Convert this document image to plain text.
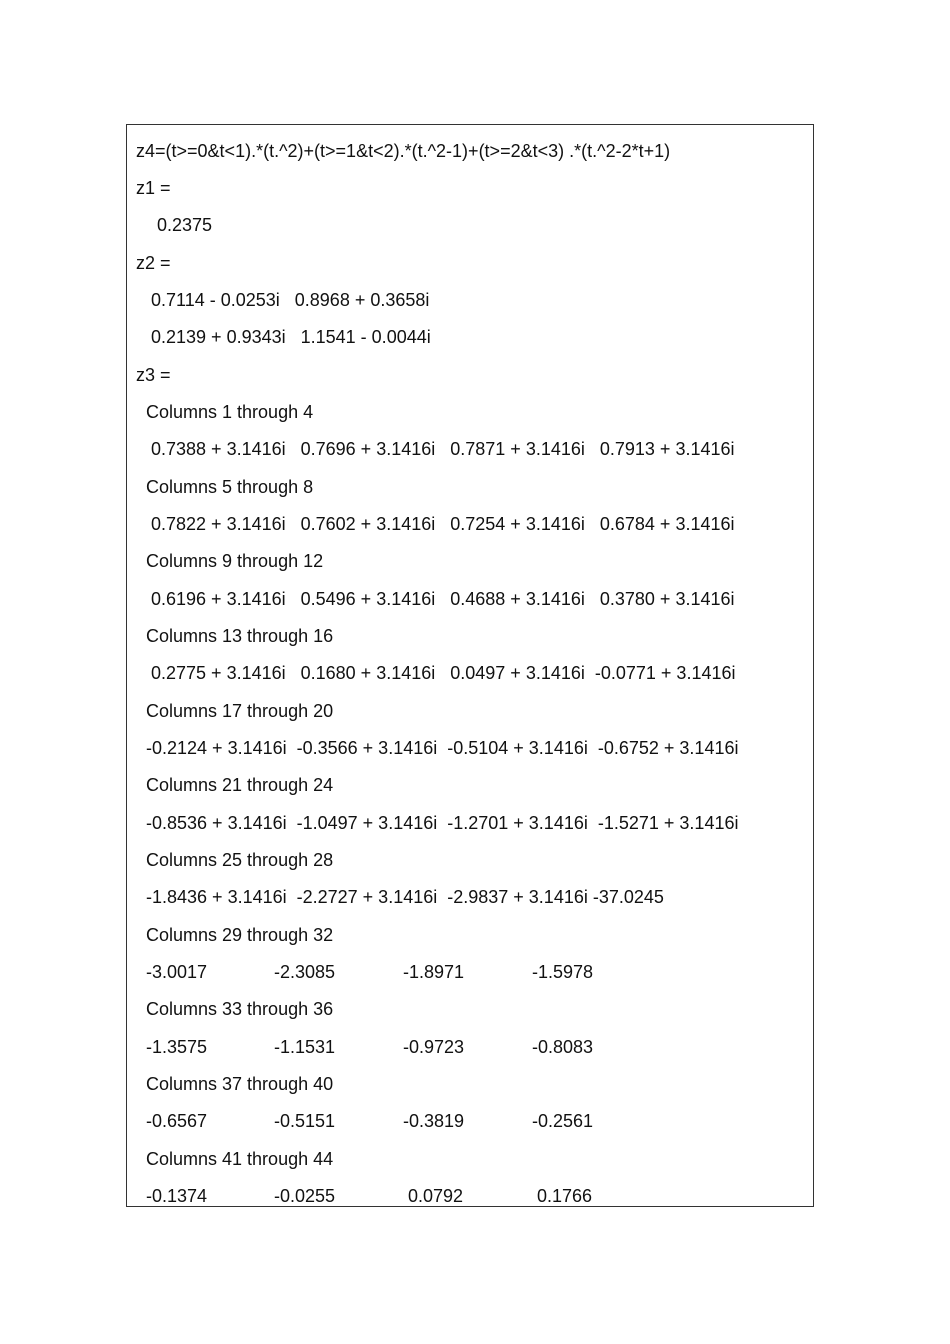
z4=(t>=0&t<1).*(t.^2)+(t>=1&t<2).*(t.^2-1)+(t>=2&t<3) .*(t.^2-2*t+1)
z1 =
0.2375
z2 =
0.7114 - 0.0253i   0.8968 + 0.3658i
0.2139 + 0.9343i   1.1541 - 0.0044i
z3 =
Columns 1 through 4
0.7388 + 3.1416i   0.7696 + 3.1416i   0.7871 + 3.1416i   0.7913 + 3.1416i
Columns 5 through 8
0.7822 + 3.1416i   0.7602 + 3.1416i   0.7254 + 3.1416i   0.6784 + 3.1416i
Columns 9 through 12
0.6196 + 3.1416i   0.5496 + 3.1416i   0.4688 + 3.1416i   0.3780 + 3.1416i
Columns 13 through 16
0.2775 + 3.1416i   0.1680 + 3.1416i   0.0497 + 3.1416i  -0.0771 + 3.1416i
Columns 17 through 20
-0.2124 + 3.1416i  -0.3566 + 3.1416i  -0.5104 + 3.1416i  -0.6752 + 3.1416i
Columns 21 through 24
-0.8536 + 3.1416i  -1.0497 + 3.1416i  -1.2701 + 3.1416i  -1.5271 + 3.1416i
Columns 25 through 28
-1.8436 + 3.1416i  -2.2727 + 3.1416i  -2.9837 + 3.1416i -37.0245
Columns 29 through 32
-3.0017	-2.3085	-1.8971	-1.5978
Columns 33 through 36
-1.3575	-1.1531	-0.9723	-0.8083
Columns 37 through 40
-0.6567	-0.5151	-0.3819	-0.2561
Columns 41 through 44
-0.1374	-0.0255	0.0792	0.1766
